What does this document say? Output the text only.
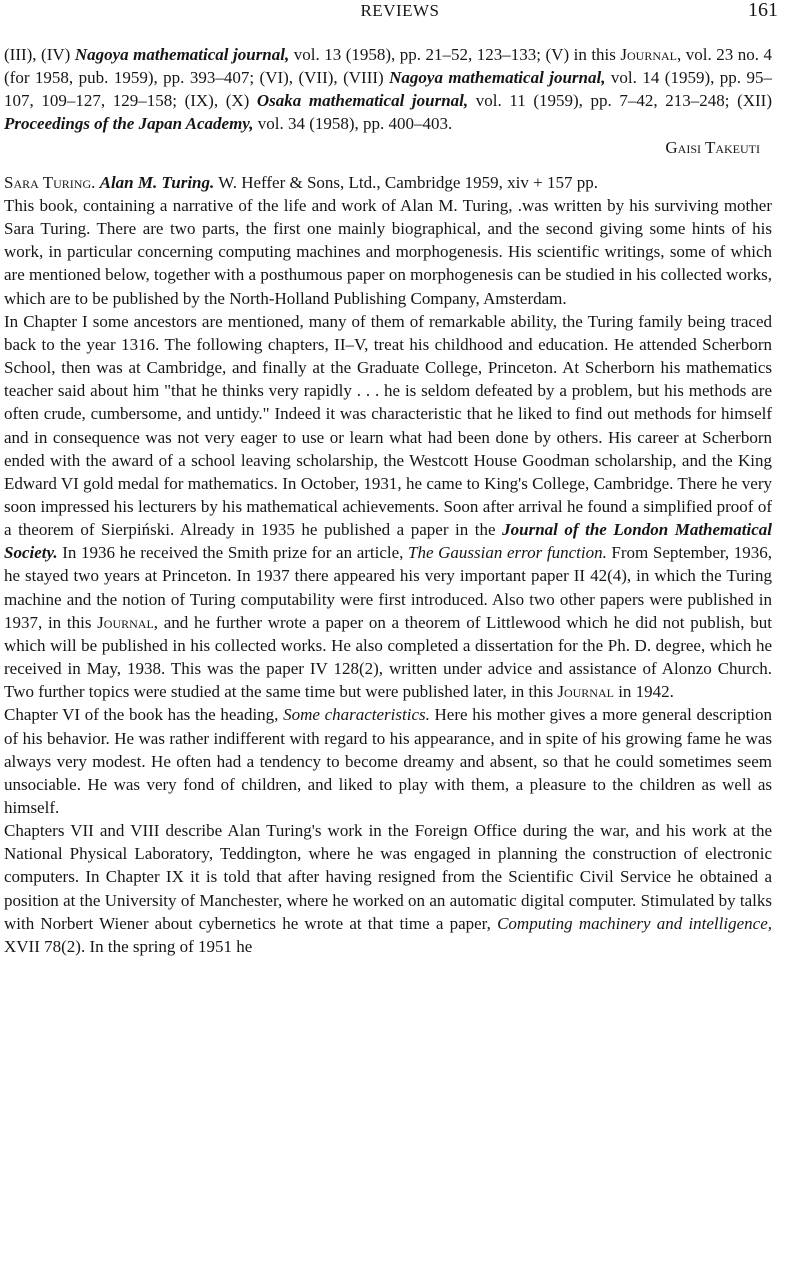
REVIEWS	161

(III), (IV) Nagoya mathematical journal, vol. 13 (1958), pp. 21–52, 123–133; (V) in this Journal, vol. 23 no. 4 (for 1958, pub. 1959), pp. 393–407; (VI), (VII), (VIII) Nagoya mathematical journal, vol. 14 (1959), pp. 95–107, 109–127, 129–158; (IX), (X) Osaka mathematical journal, vol. 11 (1959), pp. 7–42, 213–248; (XII) Proceedings of the Japan Academy, vol. 34 (1958), pp. 400–403.

Gaisi Takeuti

Sara Turing. Alan M. Turing. W. Heffer & Sons, Ltd., Cambridge 1959, xiv + 157 pp.

This book, containing a narrative of the life and work of Alan M. Turing, .was written by his surviving mother Sara Turing. There are two parts, the first one mainly biographical, and the second giving some hints of his work, in particular concerning computing machines and morphogenesis. His scientific writings, some of which are mentioned below, together with a posthumous paper on morphogenesis can be studied in his collected works, which are to be published by the North-Holland Publishing Company, Amsterdam.

In Chapter I some ancestors are mentioned, many of them of remarkable ability, the Turing family being traced back to the year 1316. The following chapters, II–V, treat his childhood and education. He attended Scherborn School, then was at Cambridge, and finally at the Graduate College, Princeton. At Scherborn his mathematics teacher said about him "that he thinks very rapidly . . . he is seldom defeated by a problem, but his methods are often crude, cumbersome, and untidy." Indeed it was characteristic that he liked to find out methods for himself and in consequence was not very eager to use or learn what had been done by others. His career at Scherborn ended with the award of a school leaving scholarship, the Westcott House Goodman scholarship, and the King Edward VI gold medal for mathematics. In October, 1931, he came to King's College, Cambridge. There he very soon impressed his lecturers by his mathematical achievements. Soon after arrival he found a simplified proof of a theorem of Sierpiński. Already in 1935 he published a paper in the Journal of the London Mathematical Society. In 1936 he received the Smith prize for an article, The Gaussian error function. From September, 1936, he stayed two years at Princeton. In 1937 there appeared his very important paper II 42(4), in which the Turing machine and the notion of Turing computability were first introduced. Also two other papers were published in 1937, in this Journal, and he further wrote a paper on a theorem of Littlewood which he did not publish, but which will be published in his collected works. He also completed a dissertation for the Ph. D. degree, which he received in May, 1938. This was the paper IV 128(2), written under advice and assistance of Alonzo Church. Two further topics were studied at the same time but were published later, in this Journal in 1942.

Chapter VI of the book has the heading, Some characteristics. Here his mother gives a more general description of his behavior. He was rather indifferent with regard to his appearance, and in spite of his growing fame he was always very modest. He often had a tendency to become dreamy and absent, so that he could sometimes seem unsociable. He was very fond of children, and liked to play with them, a pleasure to the children as well as himself.

Chapters VII and VIII describe Alan Turing's work in the Foreign Office during the war, and his work at the National Physical Laboratory, Teddington, where he was engaged in planning the construction of electronic computers. In Chapter IX it is told that after having resigned from the Scientific Civil Service he obtained a position at the University of Manchester, where he worked on an automatic digital computer. Stimulated by talks with Norbert Wiener about cybernetics he wrote at that time a paper, Computing machinery and intelligence, XVII 78(2). In the spring of 1951 he
